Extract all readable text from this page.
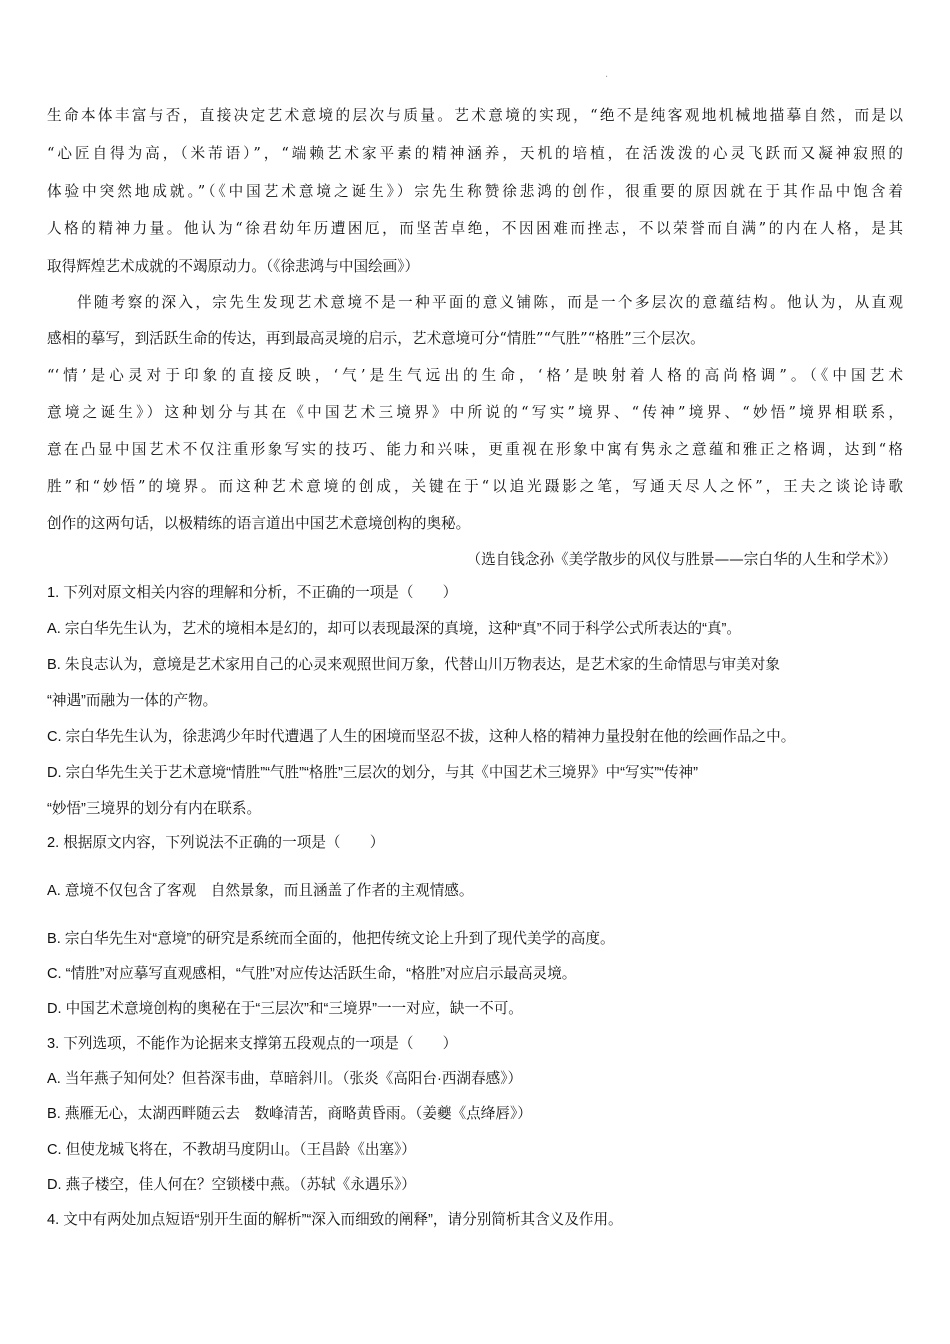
·
生命本体丰富与否，直接决定艺术意境的层次与质量。艺术意境的实现，“绝不是纯客观地机械地描摹自然，而是以
“心匠自得为高，（米芾语）”，“端赖艺术家平素的精神涵养，天机的培植，在活泼泼的心灵飞跃而又凝神寂照的
体验中突然地成就。”（《中国艺术意境之诞生》）宗先生称赞徐悲鸿的创作，很重要的原因就在于其作品中饱含着
人格的精神力量。他认为“徐君幼年历遭困厄，而坚苦卓绝，不因困难而挫志，不以荣誉而自满”的内在人格，是其
取得辉煌艺术成就的不竭原动力。（《徐悲鸿与中国绘画》）
伴随考察的深入，宗先生发现艺术意境不是一种平面的意义铺陈，而是一个多层次的意蕴结构。他认为，从直观
感相的摹写，到活跃生命的传达，再到最高灵境的启示，艺术意境可分“情胜”“气胜”“格胜”三个层次。
“‘情’是心灵对于印象的直接反映，‘气’是生气远出的生命，‘格’是映射着人格的高尚格调”。（《中国艺术
意境之诞生》）这种划分与其在《中国艺术三境界》中所说的“写实”境界、“传神”境界、“妙悟”境界相联系，
意在凸显中国艺术不仅注重形象写实的技巧、能力和兴味，更重视在形象中寓有隽永之意蕴和雅正之格调，达到“格
胜”和“妙悟”的境界。而这种艺术意境的创成，关键在于“以追光蹑影之笔，写通天尽人之怀”，王夫之谈论诗歌
创作的这两句话，以极精练的语言道出中国艺术意境创构的奥秘。
（选自钱念孙《美学散步的风仪与胜景——宗白华的人生和学术》）
1. 下列对原文相关内容的理解和分析，不正确的一项是（　　）
A. 宗白华先生认为，艺术的境相本是幻的，却可以表现最深的真境，这种“真”不同于科学公式所表达的“真”。
B. 朱良志认为，意境是艺术家用自己的心灵来观照世间万象，代替山川万物表达，是艺术家的生命情思与审美对象
“神遇”而融为一体的产物。
C. 宗白华先生认为，徐悲鸿少年时代遭遇了人生的困境而坚忍不拔，这种人格的精神力量投射在他的绘画作品之中。
D. 宗白华先生关于艺术意境“情胜”“气胜”“格胜”三层次的划分，与其《中国艺术三境界》中“写实”“传神”
“妙悟”三境界的划分有内在联系。
2. 根据原文内容，下列说法不正确的一项是（　　）
A. 意境不仅包含了客观　自然景象，而且涵盖了作者的主观情感。
B. 宗白华先生对“意境”的研究是系统而全面的，他把传统文论上升到了现代美学的高度。
C. “情胜”对应摹写直观感相，“气胜”对应传达活跃生命，“格胜”对应启示最高灵境。
D. 中国艺术意境创构的奥秘在于“三层次”和“三境界”一一对应，缺一不可。
3. 下列选项，不能作为论据来支撑第五段观点的一项是（　　）
A. 当年燕子知何处？但苔深韦曲，草暗斜川。（张炎《高阳台·西湖春感》）
B. 燕雁无心，太湖西畔随云去　数峰清苦，商略黄昏雨。（姜夔《点绛唇》）
C. 但使龙城飞将在，不教胡马度阴山。（王昌龄《出塞》）
D. 燕子楼空，佳人何在？空锁楼中燕。（苏轼《永遇乐》）
4. 文中有两处加点短语“别开生面的解析”“深入而细致的阐释”，请分别简析其含义及作用。
